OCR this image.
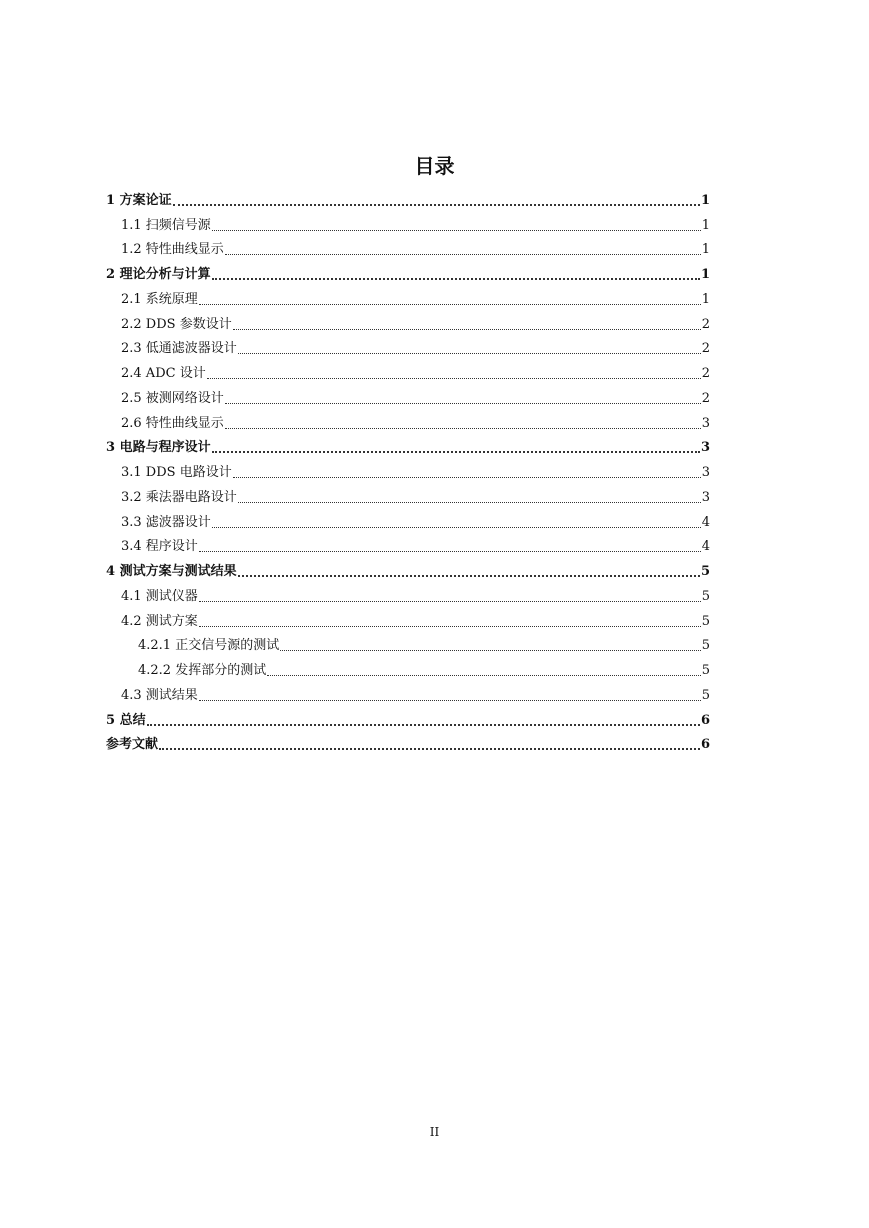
目录
1 方案论证	1
1.1 扫频信号源	1
1.2 特性曲线显示	1
2 理论分析与计算	1
2.1 系统原理	1
2.2 DDS 参数设计	2
2.3 低通滤波器设计	2
2.4 ADC 设计	2
2.5 被测网络设计	2
2.6 特性曲线显示	3
3 电路与程序设计	3
3.1 DDS 电路设计	3
3.2 乘法器电路设计	3
3.3 滤波器设计	4
3.4 程序设计	4
4 测试方案与测试结果	5
4.1 测试仪器	5
4.2 测试方案	5
4.2.1 正交信号源的测试	5
4.2.2 发挥部分的测试	5
4.3 测试结果	5
5 总结	6
参考文献	6
II
